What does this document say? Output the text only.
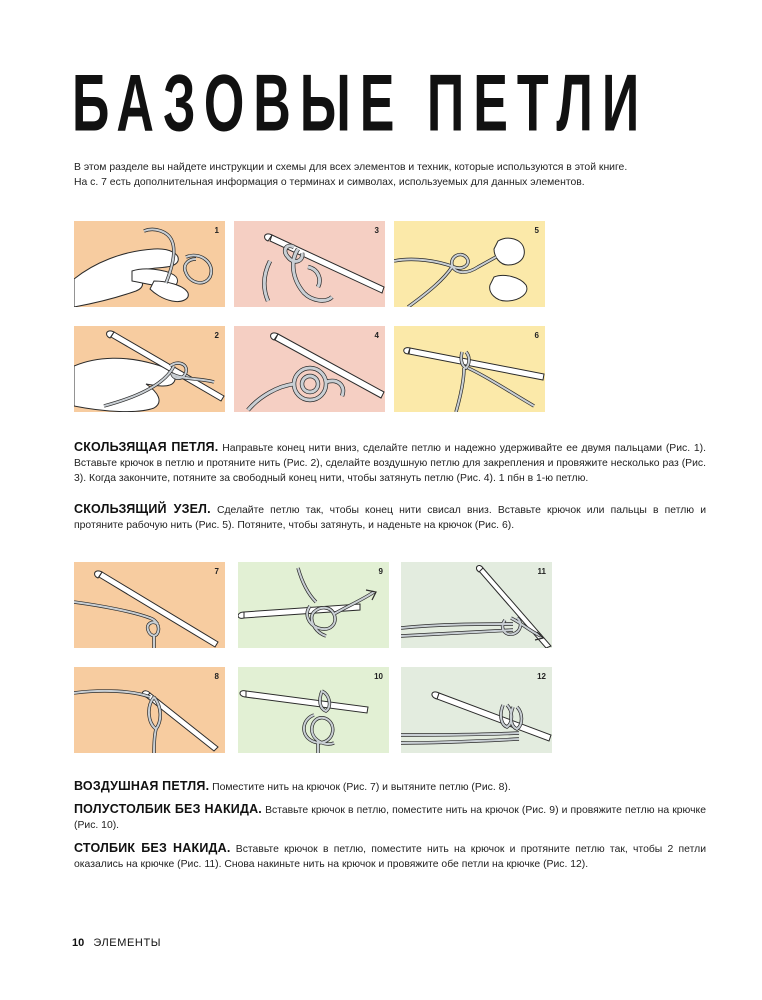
БАЗОВЫЕ ПЕТЛИ

В этом разделе вы найдете инструкции и схемы для всех элементов и техник, которые используются в этой книге.

На с. 7 есть дополнительная информация о терминах и символах, используемых для данных элементов.

1	3	5
2	4	6

СКОЛЬЗЯЩАЯ ПЕТЛЯ. Направьте конец нити вниз, сделайте петлю и надежно удерживайте ее двумя пальцами (Рис. 1). Вставьте крючок в петлю и протяните нить (Рис. 2), сделайте воздушную петлю для закрепления и провяжите несколько раз (Рис. 3). Когда закончите, потяните за свободный конец нити, чтобы затянуть петлю (Рис. 4). 1 пбн в 1-ю петлю.

СКОЛЬЗЯЩИЙ УЗЕЛ. Сделайте петлю так, чтобы конец нити свисал вниз. Вставьте крючок или пальцы в петлю и протяните рабочую нить (Рис. 5). Потяните, чтобы затянуть, и наденьте на крючок (Рис. 6).

7	9	11
8	10	12

ВОЗДУШНАЯ ПЕТЛЯ. Поместите нить на крючок (Рис. 7) и вытяните петлю (Рис. 8).

ПОЛУСТОЛБИК БЕЗ НАКИДА. Вставьте крючок в петлю, поместите нить на крючок (Рис. 9) и провяжите петлю на крючке (Рис. 10).

СТОЛБИК БЕЗ НАКИДА. Вставьте крючок в петлю, поместите нить на крючок и протяните петлю так, чтобы 2 петли оказались на крючке (Рис. 11). Снова накиньте нить на крючок и провяжите обе петли на крючке (Рис. 12).

10 ЭЛЕМЕНТЫ
